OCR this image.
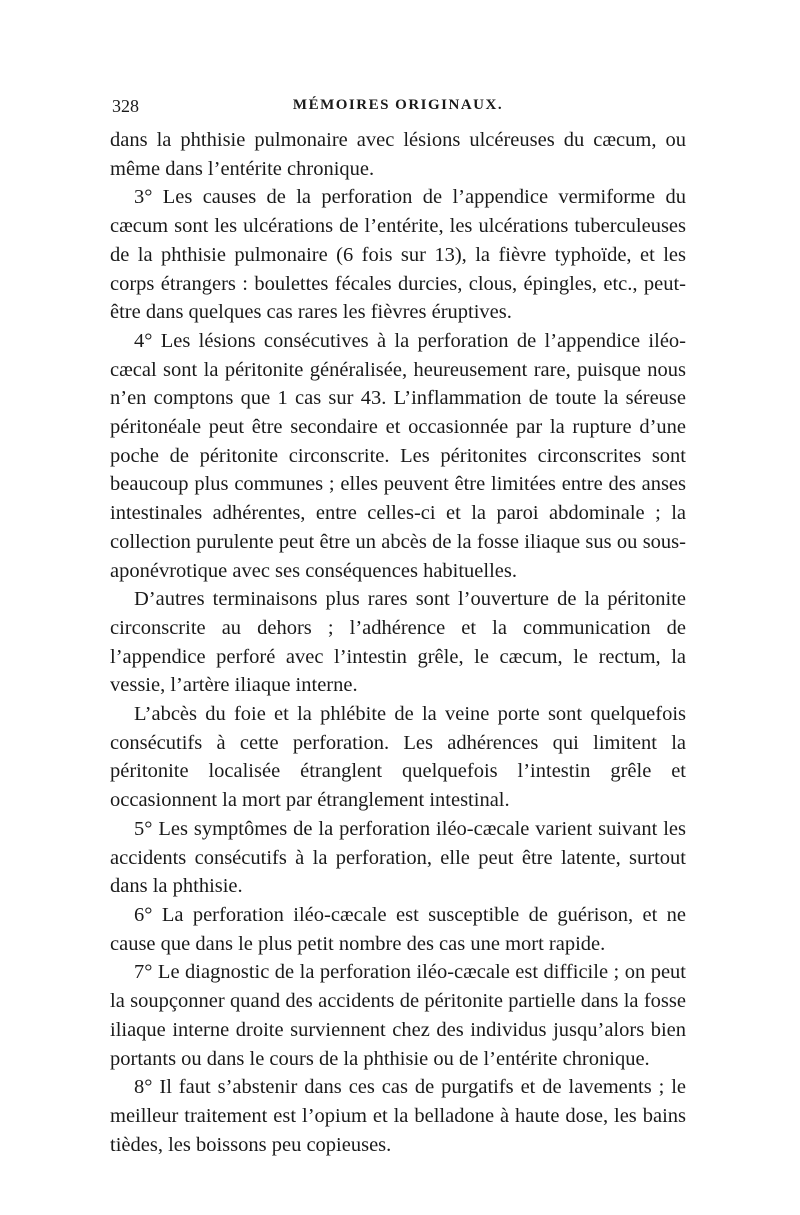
328	MÉMOIRES ORIGINAUX.

dans la phthisie pulmonaire avec lésions ulcéreuses du cæcum, ou même dans l’entérite chronique.

3° Les causes de la perforation de l’appendice vermiforme du cæcum sont les ulcérations de l’entérite, les ulcérations tuberculeuses de la phthisie pulmonaire (6 fois sur 13), la fièvre typhoïde, et les corps étrangers : boulettes fécales durcies, clous, épingles, etc., peut-être dans quelques cas rares les fièvres éruptives.

4° Les lésions consécutives à la perforation de l’appendice iléo-cæcal sont la péritonite généralisée, heureusement rare, puisque nous n’en comptons que 1 cas sur 43. L’inflammation de toute la séreuse péritonéale peut être secondaire et occasionnée par la rupture d’une poche de péritonite circonscrite. Les péritonites circonscrites sont beaucoup plus communes ; elles peuvent être limitées entre des anses intestinales adhérentes, entre celles-ci et la paroi abdominale ; la collection purulente peut être un abcès de la fosse iliaque sus ou sous-aponévrotique avec ses conséquences habituelles.

D’autres terminaisons plus rares sont l’ouverture de la péritonite circonscrite au dehors ; l’adhérence et la communication de l’appendice perforé avec l’intestin grêle, le cæcum, le rectum, la vessie, l’artère iliaque interne.

L’abcès du foie et la phlébite de la veine porte sont quelquefois consécutifs à cette perforation. Les adhérences qui limitent la péritonite localisée étranglent quelquefois l’intestin grêle et occasionnent la mort par étranglement intestinal.

5° Les symptômes de la perforation iléo-cæcale varient suivant les accidents consécutifs à la perforation, elle peut être latente, surtout dans la phthisie.

6° La perforation iléo-cæcale est susceptible de guérison, et ne cause que dans le plus petit nombre des cas une mort rapide.

7° Le diagnostic de la perforation iléo-cæcale est difficile ; on peut la soupçonner quand des accidents de péritonite partielle dans la fosse iliaque interne droite surviennent chez des individus jusqu’alors bien portants ou dans le cours de la phthisie ou de l’entérite chronique.

8° Il faut s’abstenir dans ces cas de purgatifs et de lavements ; le meilleur traitement est l’opium et la belladone à haute dose, les bains tièdes, les boissons peu copieuses.
